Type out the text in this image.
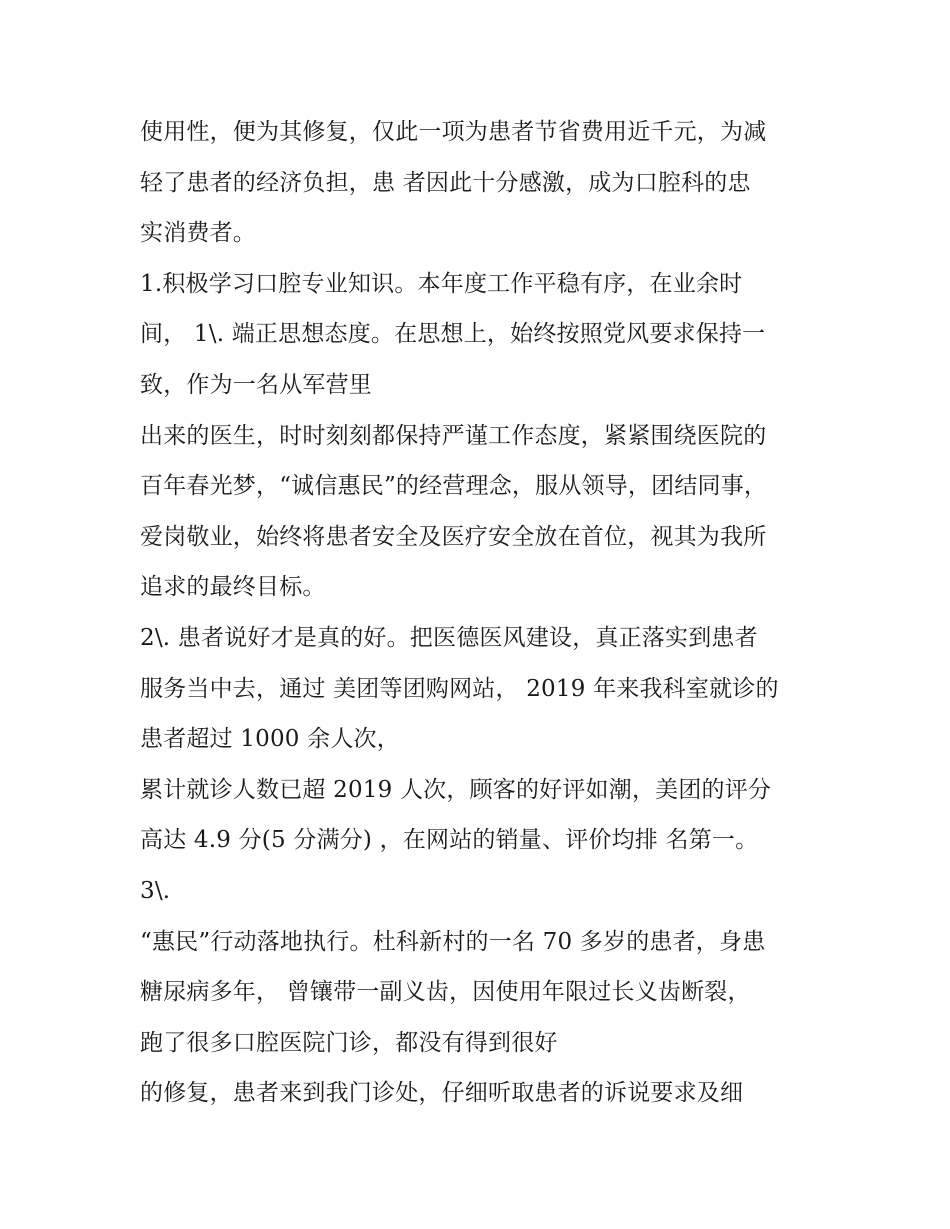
使用性，便为其修复，仅此一项为患者节省费用近千元，为减
轻了患者的经济负担，患 者因此十分感激，成为口腔科的忠
实消费者。
1.积极学习口腔专业知识。本年度工作平稳有序，在业余时
间， 1\. 端正思想态度。在思想上，始终按照党风要求保持一
致，作为一名从军营里
出来的医生，时时刻刻都保持严谨工作态度，紧紧围绕医院的
百年春光梦，“诚信惠民”的经营理念，服从领导，团结同事，
爱岗敬业，始终将患者安全及医疗安全放在首位，视其为我所
追求的最终目标。
2\. 患者说好才是真的好。把医德医风建设，真正落实到患者
服务当中去，通过 美团等团购网站， 2019 年来我科室就诊的
患者超过 1000 余人次，
累计就诊人数已超 2019 人次，顾客的好评如潮，美团的评分
高达 4.9 分(5 分满分) ，在网站的销量、评价均排 名第一。
3\.
“惠民”行动落地执行。杜科新村的一名 70 多岁的患者，身患
糖尿病多年， 曾镶带一副义齿，因使用年限过长义齿断裂，
跑了很多口腔医院门诊，都没有得到很好
的修复，患者来到我门诊处，仔细听取患者的诉说要求及细
